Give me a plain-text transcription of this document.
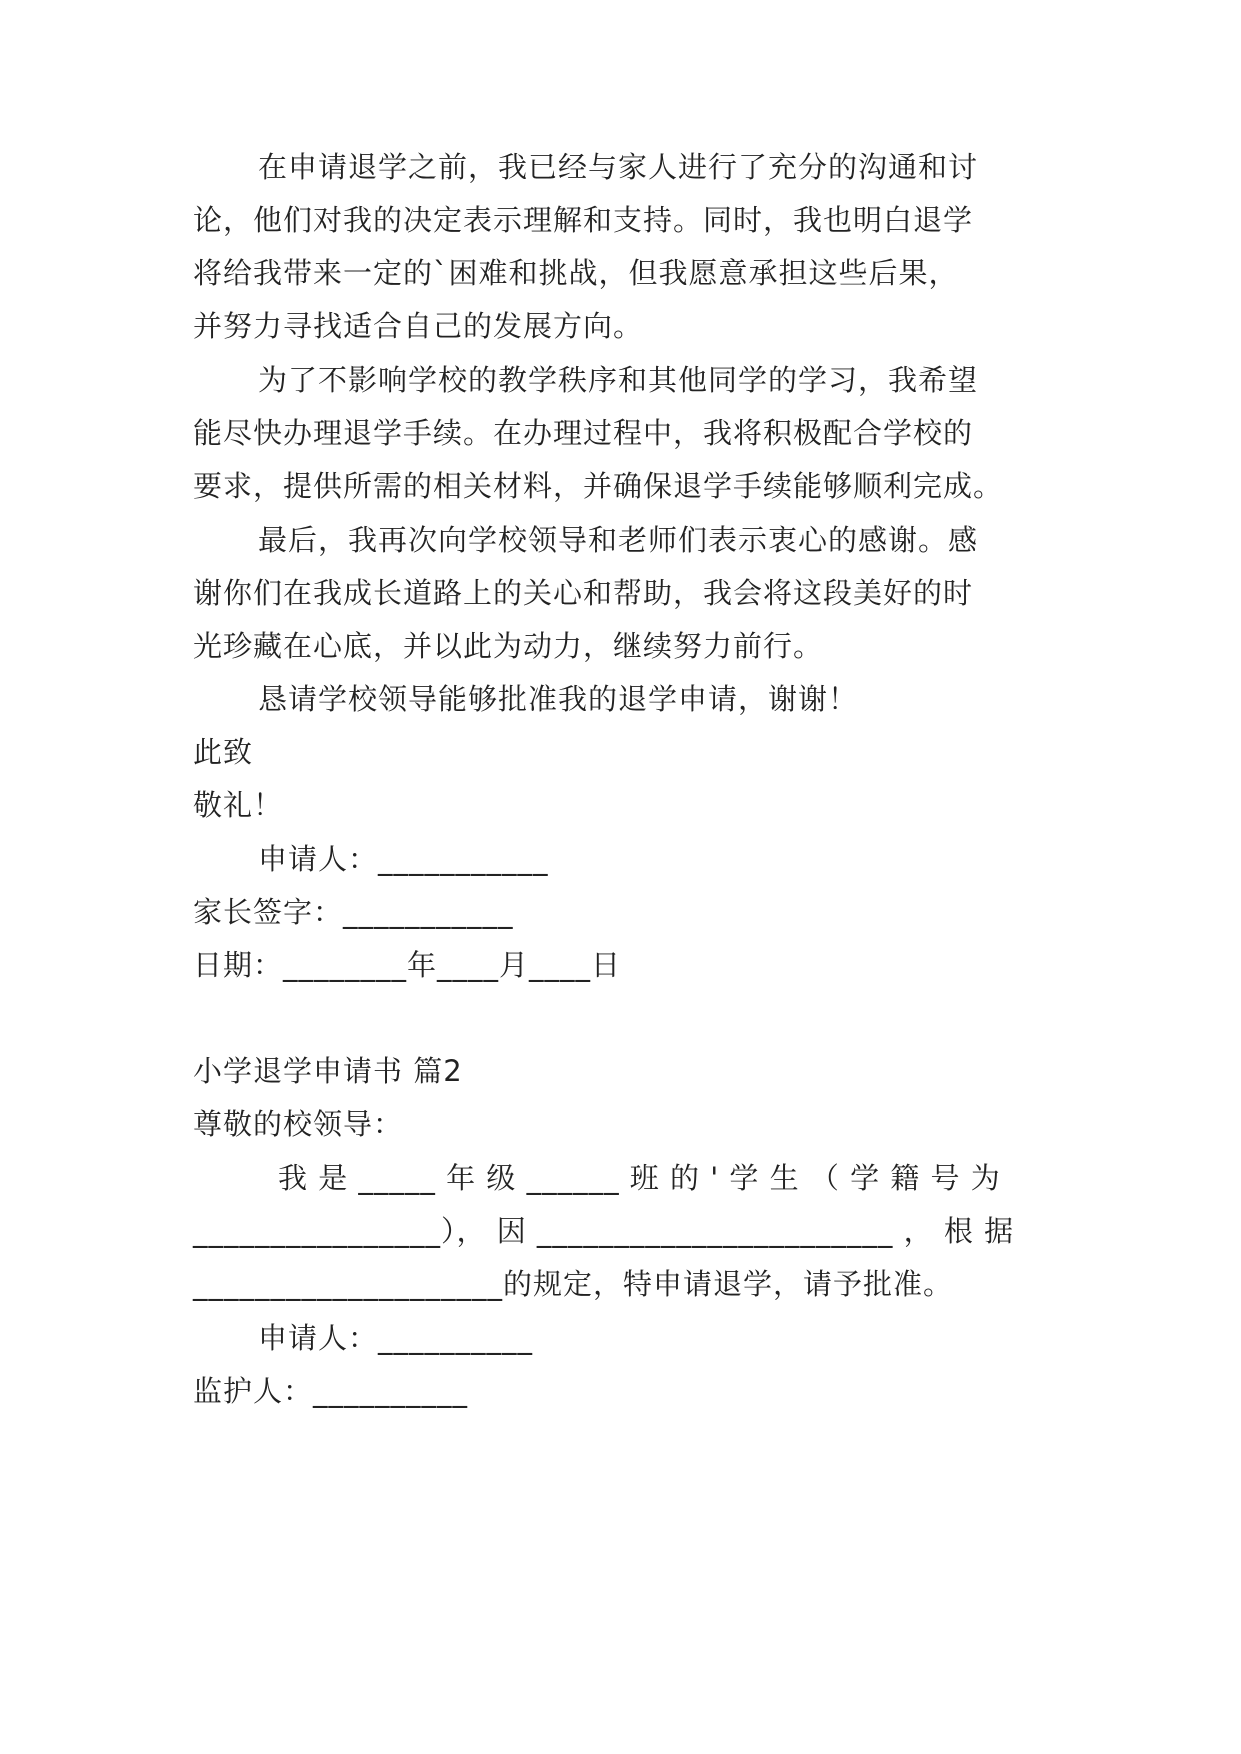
在申请退学之前，我已经与家人进行了充分的沟通和讨
论，他们对我的决定表示理解和支持。同时，我也明白退学
将给我带来一定的`困难和挑战，但我愿意承担这些后果，
并努力寻找适合自己的发展方向。
为了不影响学校的教学秩序和其他同学的学习，我希望
能尽快办理退学手续。在办理过程中，我将积极配合学校的
要求，提供所需的相关材料，并确保退学手续能够顺利完成。
最后，我再次向学校领导和老师们表示衷心的感谢。感
谢你们在我成长道路上的关心和帮助，我会将这段美好的时
光珍藏在心底，并以此为动力，继续努力前行。
恳请学校领导能够批准我的退学申请，谢谢！
此致
敬礼！
申请人：___________
家长签字：___________
日期：________年____月____日
小学退学申请书 篇2
尊敬的校领导：
我 是 _____ 年 级 ______ 班 的 ' 学 生 （ 学 籍 号 为
________________）， 因 _______________________ ， 根 据
____________________的规定，特申请退学，请予批准。
申请人：__________
监护人：__________
